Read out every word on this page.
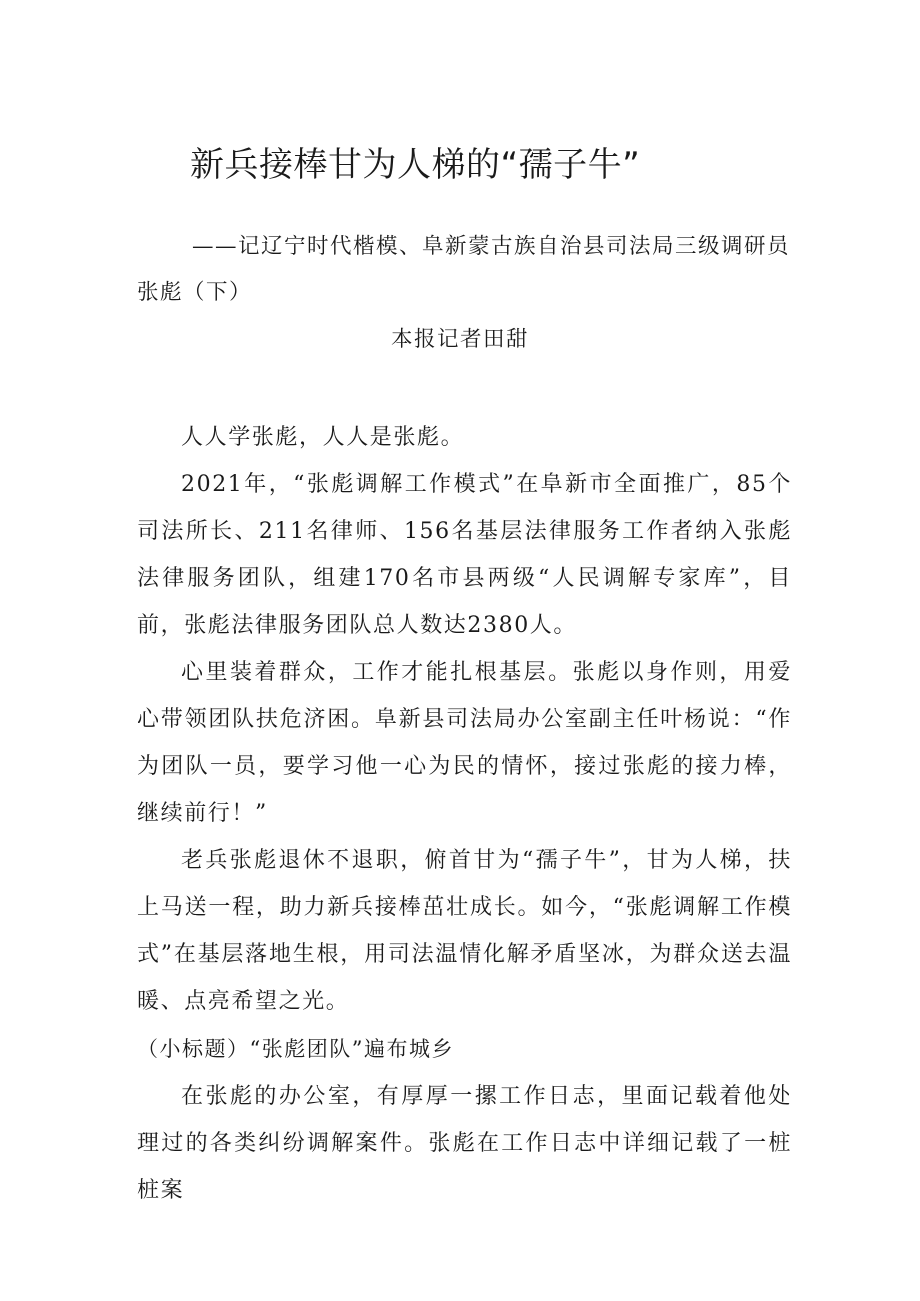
新兵接棒甘为人梯的“孺子牛”

——记辽宁时代楷模、阜新蒙古族自治县司法局三级调研员张彪（下）

本报记者田甜

人人学张彪，人人是张彪。

2021年，“张彪调解工作模式”在阜新市全面推广，85个司法所长、211名律师、156名基层法律服务工作者纳入张彪法律服务团队，组建170名市县两级“人民调解专家库”，目前，张彪法律服务团队总人数达2380人。

心里装着群众，工作才能扎根基层。张彪以身作则，用爱心带领团队扶危济困。阜新县司法局办公室副主任叶杨说：“作为团队一员，要学习他一心为民的情怀，接过张彪的接力棒，继续前行！”

老兵张彪退休不退职，俯首甘为“孺子牛”，甘为人梯，扶上马送一程，助力新兵接棒茁壮成长。如今，“张彪调解工作模式”在基层落地生根，用司法温情化解矛盾坚冰，为群众送去温暖、点亮希望之光。

（小标题）“张彪团队”遍布城乡

在张彪的办公室，有厚厚一摞工作日志，里面记载着他处理过的各类纠纷调解案件。张彪在工作日志中详细记载了一桩桩案
